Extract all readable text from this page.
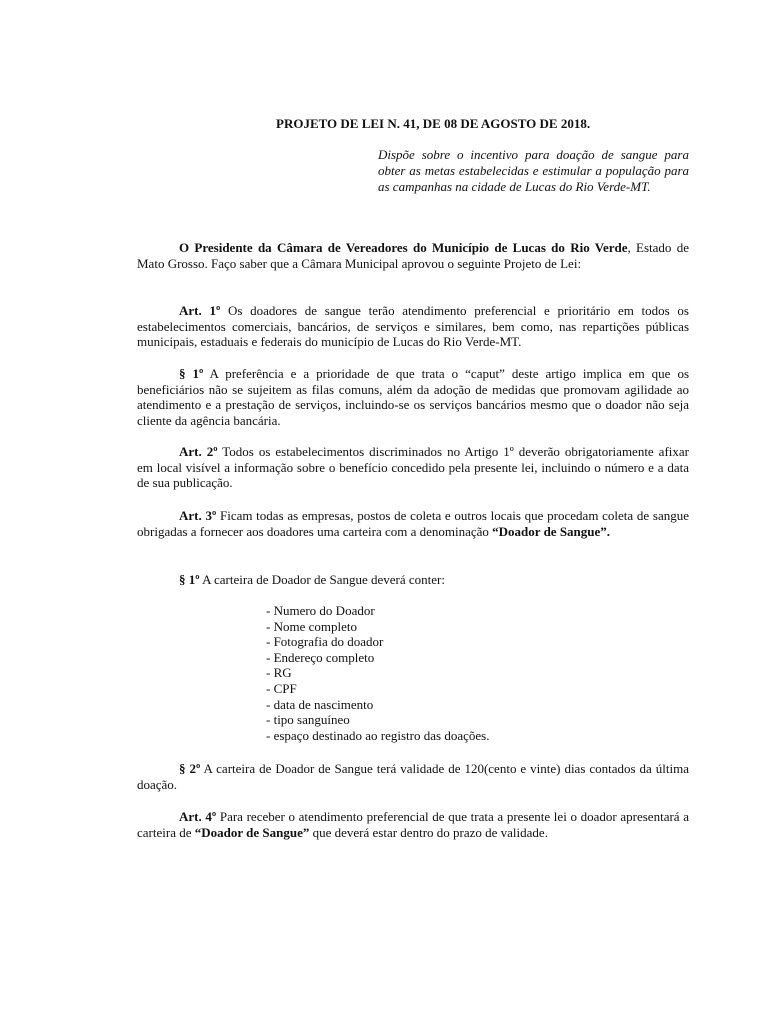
PROJETO DE LEI N. 41, DE 08 DE AGOSTO DE 2018.
Dispõe sobre o incentivo para doação de sangue para obter as metas estabelecidas e estimular a população para as campanhas na cidade de Lucas do Rio Verde-MT.
O Presidente da Câmara de Vereadores do Município de Lucas do Rio Verde, Estado de Mato Grosso. Faço saber que a Câmara Municipal aprovou o seguinte Projeto de Lei:
Art. 1º Os doadores de sangue terão atendimento preferencial e prioritário em todos os estabelecimentos comerciais, bancários, de serviços e similares, bem como, nas repartições públicas municipais, estaduais e federais do município de Lucas do Rio Verde-MT.
§ 1º A preferência e a prioridade de que trata o “caput” deste artigo implica em que os beneficiários não se sujeitem as filas comuns, além da adoção de medidas que promovam agilidade ao atendimento e a prestação de serviços, incluindo-se os serviços bancários mesmo que o doador não seja cliente da agência bancária.
Art. 2º Todos os estabelecimentos discriminados no Artigo 1º deverão obrigatoriamente afixar em local visível a informação sobre o benefício concedido pela presente lei, incluindo o número e a data de sua publicação.
Art. 3º Ficam todas as empresas, postos de coleta e outros locais que procedam coleta de sangue obrigadas a fornecer aos doadores uma carteira com a denominação “Doador de Sangue”.
§ 1º A carteira de Doador de Sangue deverá conter:
- Numero do Doador
- Nome completo
- Fotografia do doador
- Endereço completo
- RG
- CPF
- data de nascimento
- tipo sanguíneo
- espaço destinado ao registro das doações.
§ 2º A carteira de Doador de Sangue terá validade de 120(cento e vinte) dias contados da última doação.
Art. 4º Para receber o atendimento preferencial de que trata a presente lei o doador apresentará a carteira de “Doador de Sangue” que deverá estar dentro do prazo de validade.
